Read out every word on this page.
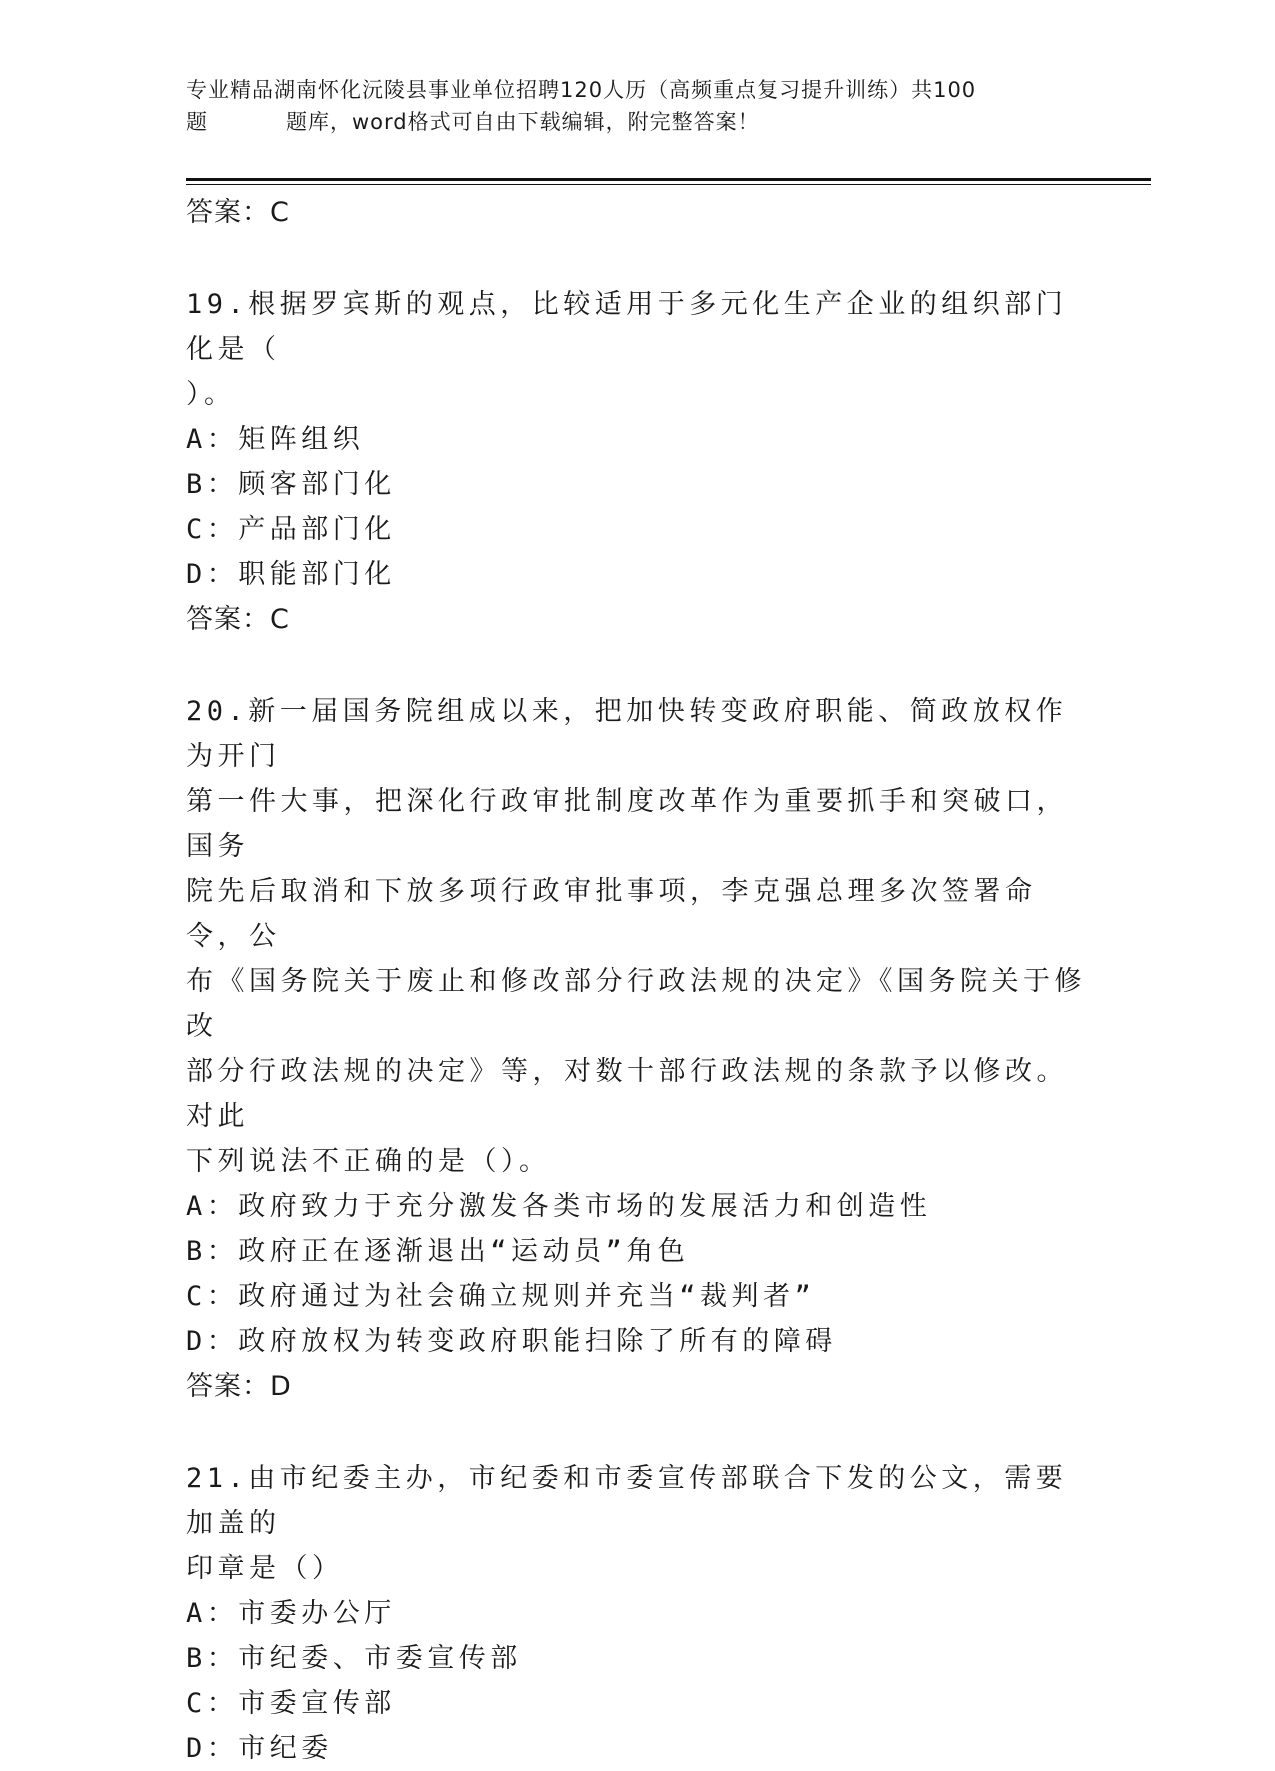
专业精品湖南怀化沅陵县事业单位招聘120人历（高频重点复习提升训练）共100
题	题库，word格式可自由下载编辑，附完整答案！
答案：C
19.根据罗宾斯的观点，比较适用于多元化生产企业的组织部门化是（
）。
A：矩阵组织
B：顾客部门化
C：产品部门化
D：职能部门化
答案：C
20.新一届国务院组成以来，把加快转变政府职能、简政放权作为开门
第一件大事，把深化行政审批制度改革作为重要抓手和突破口，国务
院先后取消和下放多项行政审批事项，李克强总理多次签署命令，公
布《国务院关于废止和修改部分行政法规的决定》《国务院关于修改
部分行政法规的决定》等，对数十部行政法规的条款予以修改。对此
下列说法不正确的是（）。
A：政府致力于充分激发各类市场的发展活力和创造性
B：政府正在逐渐退出“运动员”角色
C：政府通过为社会确立规则并充当“裁判者”
D：政府放权为转变政府职能扫除了所有的障碍
答案：D
21.由市纪委主办，市纪委和市委宣传部联合下发的公文，需要加盖的
印章是（）
A：市委办公厅
B：市纪委、市委宣传部
C：市委宣传部
D：市纪委
